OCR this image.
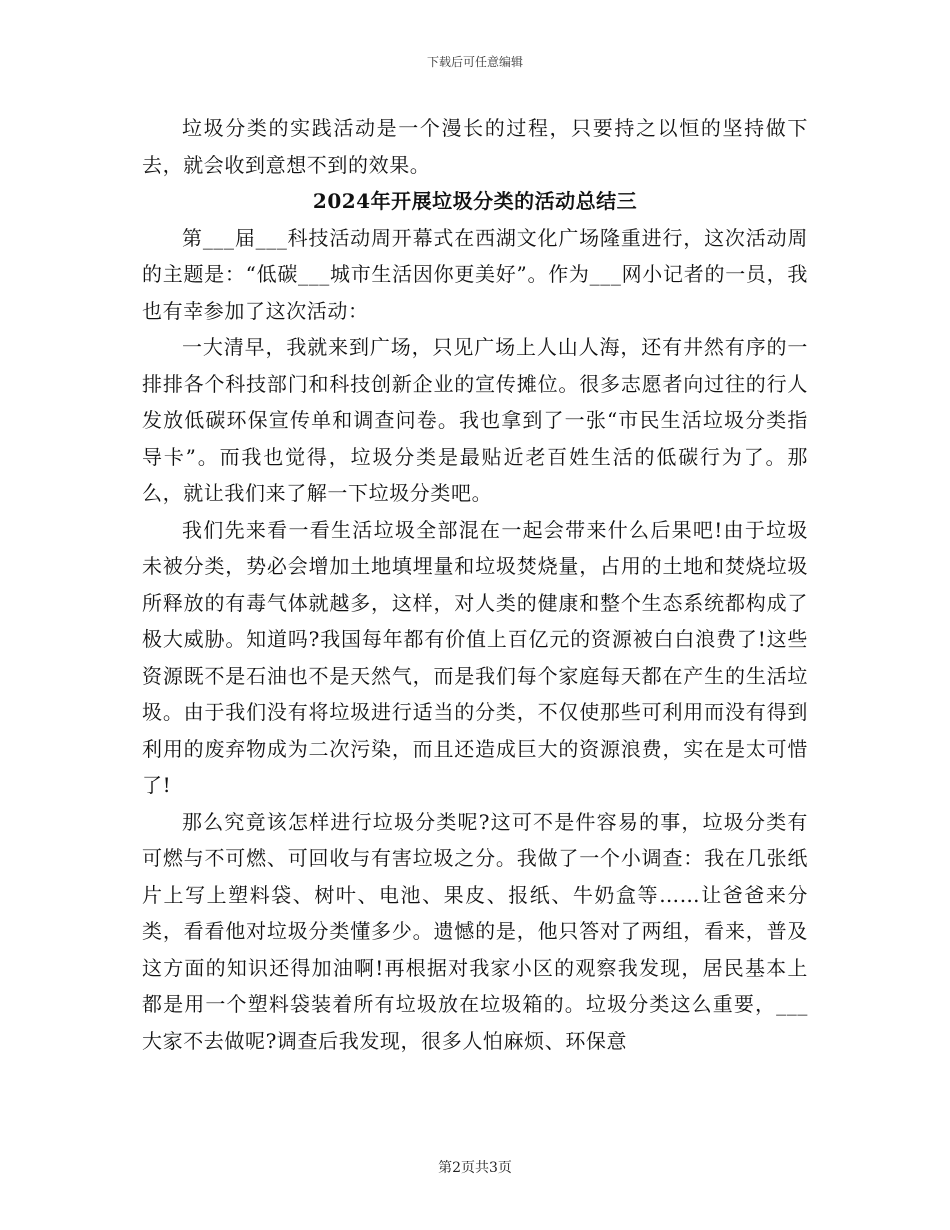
下载后可任意编辑

垃圾分类的实践活动是一个漫长的过程，只要持之以恒的坚持做下去，就会收到意想不到的效果。

2024年开展垃圾分类的活动总结三

第___届___科技活动周开幕式在西湖文化广场隆重进行，这次活动周的主题是：“低碳___城市生活因你更美好”。作为___网小记者的一员，我也有幸参加了这次活动：

一大清早，我就来到广场，只见广场上人山人海，还有井然有序的一排排各个科技部门和科技创新企业的宣传摊位。很多志愿者向过往的行人发放低碳环保宣传单和调查问卷。我也拿到了一张“市民生活垃圾分类指导卡”。而我也觉得，垃圾分类是最贴近老百姓生活的低碳行为了。那么，就让我们来了解一下垃圾分类吧。

我们先来看一看生活垃圾全部混在一起会带来什么后果吧!由于垃圾未被分类，势必会增加土地填埋量和垃圾焚烧量，占用的土地和焚烧垃圾所释放的有毒气体就越多，这样，对人类的健康和整个生态系统都构成了极大威胁。知道吗?我国每年都有价值上百亿元的资源被白白浪费了!这些资源既不是石油也不是天然气，而是我们每个家庭每天都在产生的生活垃圾。由于我们没有将垃圾进行适当的分类，不仅使那些可利用而没有得到利用的废弃物成为二次污染，而且还造成巨大的资源浪费，实在是太可惜了!

那么究竟该怎样进行垃圾分类呢?这可不是件容易的事，垃圾分类有可燃与不可燃、可回收与有害垃圾之分。我做了一个小调查：我在几张纸片上写上塑料袋、树叶、电池、果皮、报纸、牛奶盒等……让爸爸来分类，看看他对垃圾分类懂多少。遗憾的是，他只答对了两组，看来，普及这方面的知识还得加油啊!再根据对我家小区的观察我发现，居民基本上都是用一个塑料袋装着所有垃圾放在垃圾箱的。垃圾分类这么重要，___大家不去做呢?调查后我发现，很多人怕麻烦、环保意

第2页共3页
